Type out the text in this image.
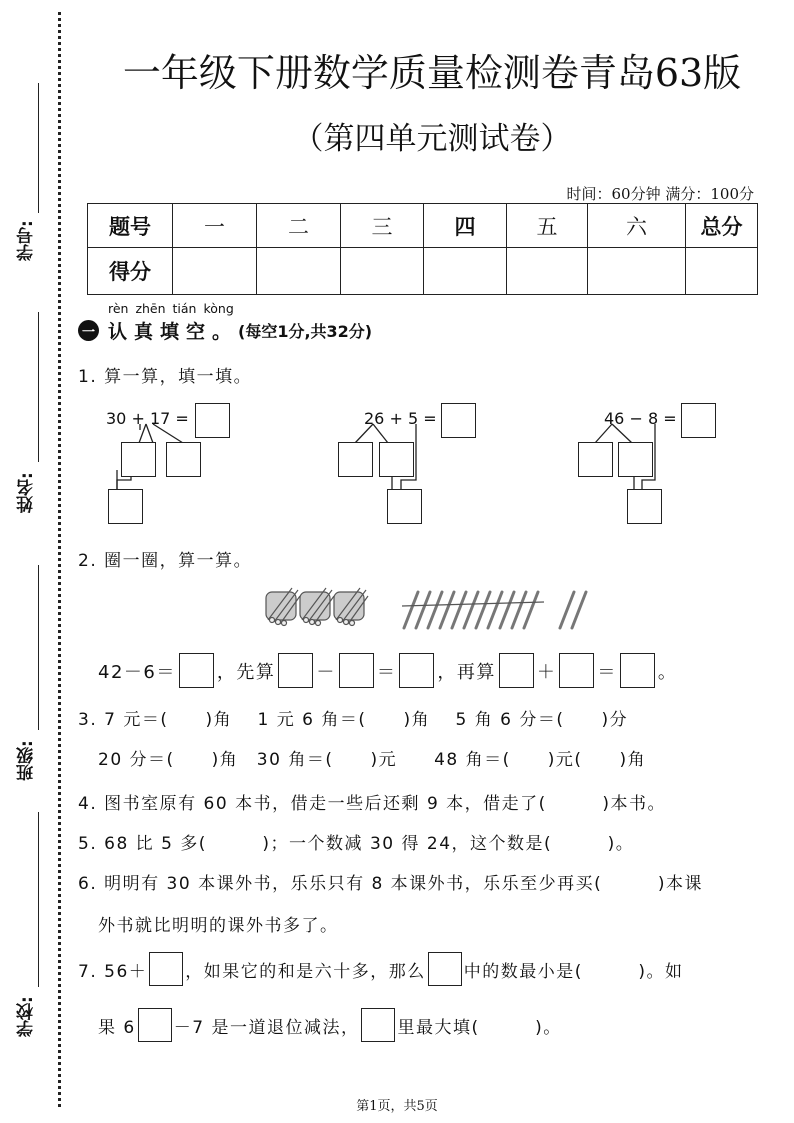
学号:
姓名:
班级:
学校:
一年级下册数学质量检测卷青岛63版
（第四单元测试卷）
时间：60分钟 满分：100分
题号	一	二	三	四	五	六	总分
得分							
rèn zhēn tián kòng
一 认真填空。 (每空1分,共32分)
1. 算一算，填一填。
30 + 17 =	26 + 5 =	46 − 8 =
2. 圈一圈，算一算。
42－6＝ ，先算 － ＝ ，再算 ＋ ＝ 。
3. 7 元＝(　　)角　 1 元 6 角＝(　　)角　 5 角 6 分＝(　　)分
20 分＝(　　)角　30 角＝(　　)元　　48 角＝(　　)元(　　)角
4. 图书室原有 60 本书，借走一些后还剩 9 本，借走了(　　　)本书。
5. 68 比 5 多(　　　)；一个数减 30 得 24，这个数是(　　　)。
6. 明明有 30 本课外书，乐乐只有 8 本课外书，乐乐至少再买(　　　)本课
外书就比明明的课外书多了。
7. 56＋ ，如果它的和是六十多，那么 中的数最小是(　　　)。如
果 6 －7 是一道退位减法， 里最大填(　　　)。
第1页，共5页
